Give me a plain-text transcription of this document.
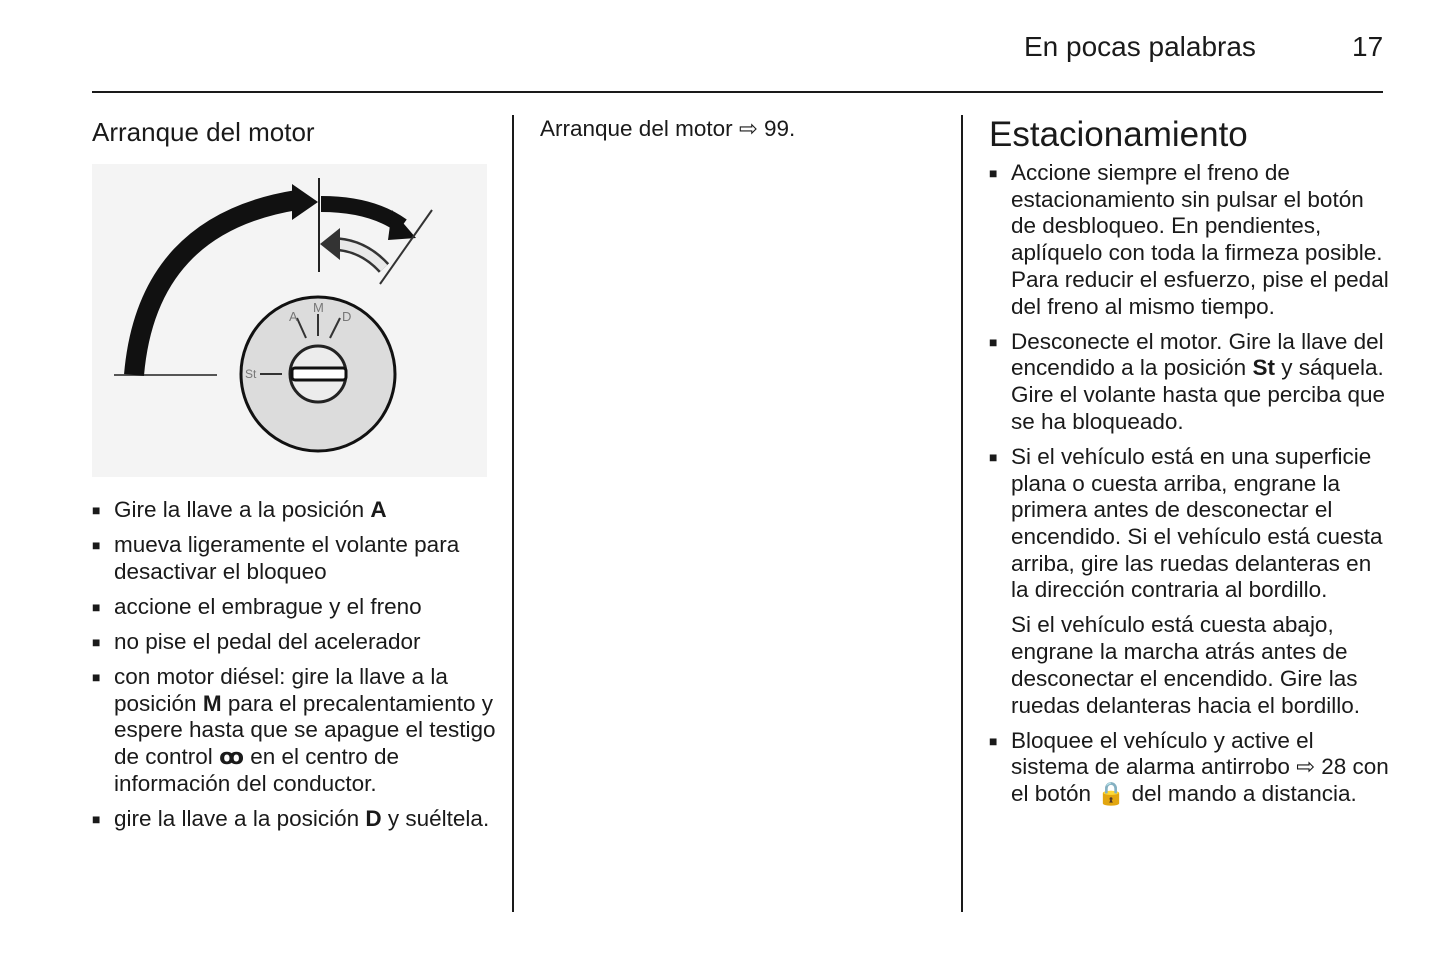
En pocas palabras	17
Arranque del motor
A
M
D
St
■ Gire la llave a la posición A
■ mueva ligeramente el volante para desactivar el bloqueo
■ accione el embrague y el freno
■ no pise el pedal del acelerador
■ con motor diésel: gire la llave a la posición M para el precalentamiento y espere hasta que se apague el testigo de control ꝏ en el centro de información del conductor.
■ gire la llave a la posición D y suéltela.
Arranque del motor ⇨ 99.	Estacionamiento
■ Accione siempre el freno de estacionamiento sin pulsar el botón de desbloqueo. En pendientes, aplíquelo con toda la firmeza posible. Para reducir el esfuerzo, pise el pedal del freno al mismo tiempo.
■ Desconecte el motor. Gire la llave del encendido a la posición St y sáquela. Gire el volante hasta que perciba que se ha bloqueado.
■ Si el vehículo está en una superficie plana o cuesta arriba, engrane la primera antes de desconectar el encendido. Si el vehículo está cuesta arriba, gire las ruedas delanteras en la dirección contraria al bordillo.
Si el vehículo está cuesta abajo, engrane la marcha atrás antes de desconectar el encendido. Gire las ruedas delanteras hacia el bordillo.
■ Bloquee el vehículo y active el sistema de alarma antirrobo ⇨ 28 con el botón 🔒 del mando a distancia.
